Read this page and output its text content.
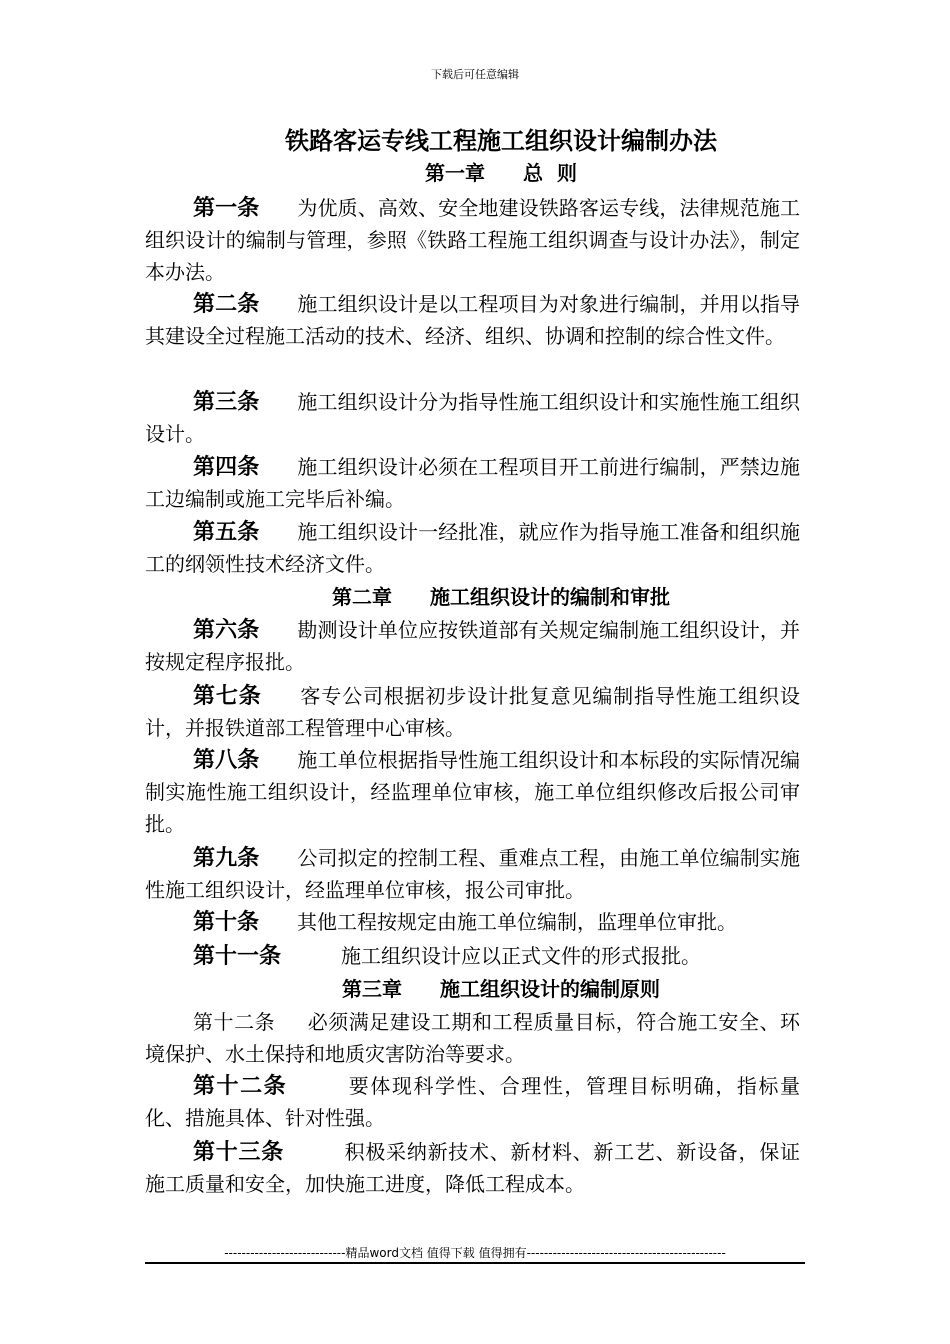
下载后可任意编辑
铁路客运专线工程施工组织设计编制办法
第一章 总  则
第一条 为优质、高效、安全地建设铁路客运专线，法律规范施工组织设计的编制与管理，参照《铁路工程施工组织调查与设计办法》，制定本办法。
第二条 施工组织设计是以工程项目为对象进行编制，并用以指导其建设全过程施工活动的技术、经济、组织、协调和控制的综合性文件。
第三条 施工组织设计分为指导性施工组织设计和实施性施工组织设计。
第四条 施工组织设计必须在工程项目开工前进行编制，严禁边施工边编制或施工完毕后补编。
第五条 施工组织设计一经批准，就应作为指导施工准备和组织施工的纲领性技术经济文件。
第二章 施工组织设计的编制和审批
第六条 勘测设计单位应按铁道部有关规定编制施工组织设计，并按规定程序报批。
第七条 客专公司根据初步设计批复意见编制指导性施工组织设计，并报铁道部工程管理中心审核。
第八条 施工单位根据指导性施工组织设计和本标段的实际情况编制实施性施工组织设计，经监理单位审核，施工单位组织修改后报公司审批。
第九条 公司拟定的控制工程、重难点工程，由施工单位编制实施性施工组织设计，经监理单位审核，报公司审批。
第十条 其他工程按规定由施工单位编制，监理单位审批。
第十一条	施工组织设计应以正式文件的形式报批。
第三章 施工组织设计的编制原则
第十二条 必须满足建设工期和工程质量目标，符合施工安全、环境保护、水土保持和地质灾害防治等要求。
第十二条	要体现科学性、合理性，管理目标明确，指标量化、措施具体、针对性强。
第十三条	积极采纳新技术、新材料、新工艺、新设备，保证施工质量和安全，加快施工进度，降低工程成本。
----------------------------精品word文档 值得下载 值得拥有----------------------------------------------
